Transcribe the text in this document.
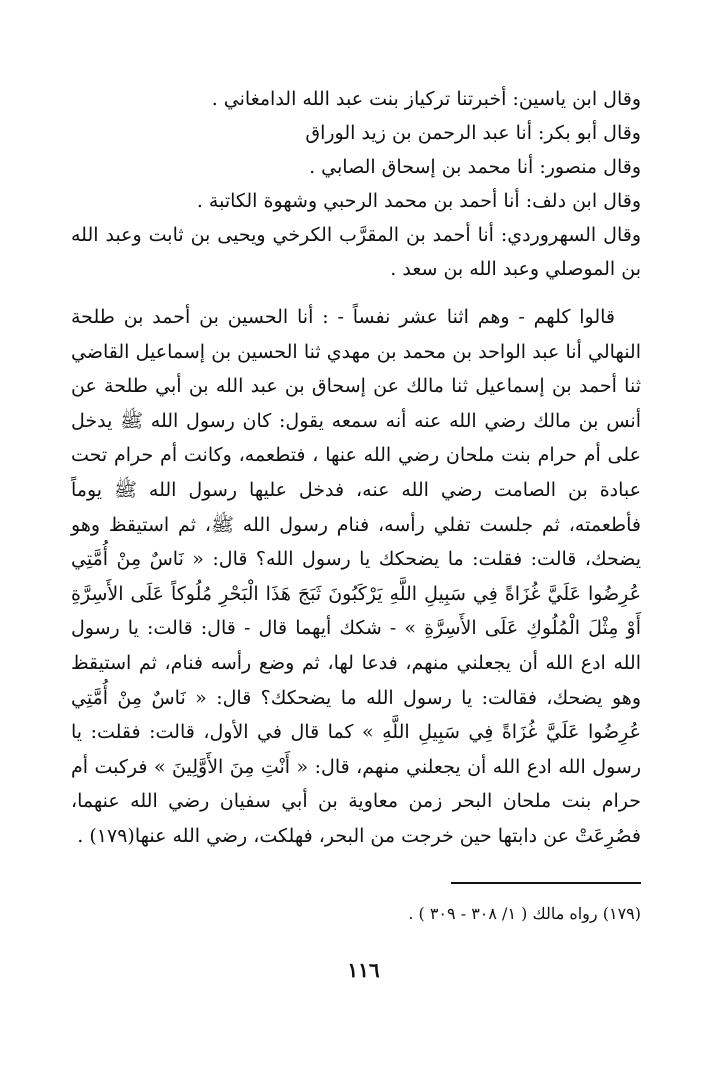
وقال ابن ياسين: أخبرتنا تركياز بنت عبد الله الدامغاني .
وقال أبو بكر: أنا عبد الرحمن بن زيد الوراق
وقال منصور: أنا محمد بن إسحاق الصابي .
وقال ابن دلف: أنا أحمد بن محمد الرحبي وشهوة الكاتبة .
وقال السهروردي: أنا أحمد بن المقرَّب الكرخي ويحيى بن ثابت وعبد الله بن الموصلي وعبد الله بن سعد .
قالوا كلهم - وهم اثنا عشر نفساً - : أنا الحسين بن أحمد بن طلحة النهالي أنا عبد الواحد بن محمد بن مهدي ثنا الحسين بن إسماعيل القاضي ثنا أحمد بن إسماعيل ثنا مالك عن إسحاق بن عبد الله بن أبي طلحة عن أنس بن مالك رضي الله عنه أنه سمعه يقول: كان رسول الله ﷺ يدخل على أم حرام بنت ملحان رضي الله عنها ، فتطعمه، وكانت أم حرام تحت عبادة بن الصامت رضي الله عنه، فدخل عليها رسول الله ﷺ يوماً فأطعمته، ثم جلست تفلي رأسه، فنام رسول الله ﷺ، ثم استيقظ وهو يضحك، قالت: فقلت: ما يضحكك يا رسول الله؟ قال: « نَاسٌ مِنْ أُمَّتِي عُرِضُوا عَلَيَّ غُزَاةً فِي سَبِيلِ اللَّهِ يَرْكَبُونَ ثَبَجَ هَذَا الْبَحْرِ مُلُوكاً عَلَى الأَسِرَّةِ أَوْ مِثْلَ الْمُلُوكِ عَلَى الأَسِرَّةِ » - شكك أيهما قال - قال: قالت: يا رسول الله ادع الله أن يجعلني منهم، فدعا لها، ثم وضع رأسه فنام، ثم استيقظ وهو يضحك، فقالت: يا رسول الله ما يضحكك؟ قال: « نَاسٌ مِنْ أُمَّتِي عُرِضُوا عَلَيَّ غُزَاةً فِي سَبِيلِ اللَّهِ » كما قال في الأول، قالت: فقلت: يا رسول الله ادع الله أن يجعلني منهم، قال: « أَنْتِ مِنَ الأَوَّلِينَ » فركبت أم حرام بنت ملحان البحر زمن معاوية بن أبي سفيان رضي الله عنهما، فصُرِعَتْ عن دابتها حين خرجت من البحر، فهلكت، رضي الله عنها(١٧٩) .
(١٧٩) رواه مالك ( ١/ ٣٠٨ - ٣٠٩ ) .
١١٦
